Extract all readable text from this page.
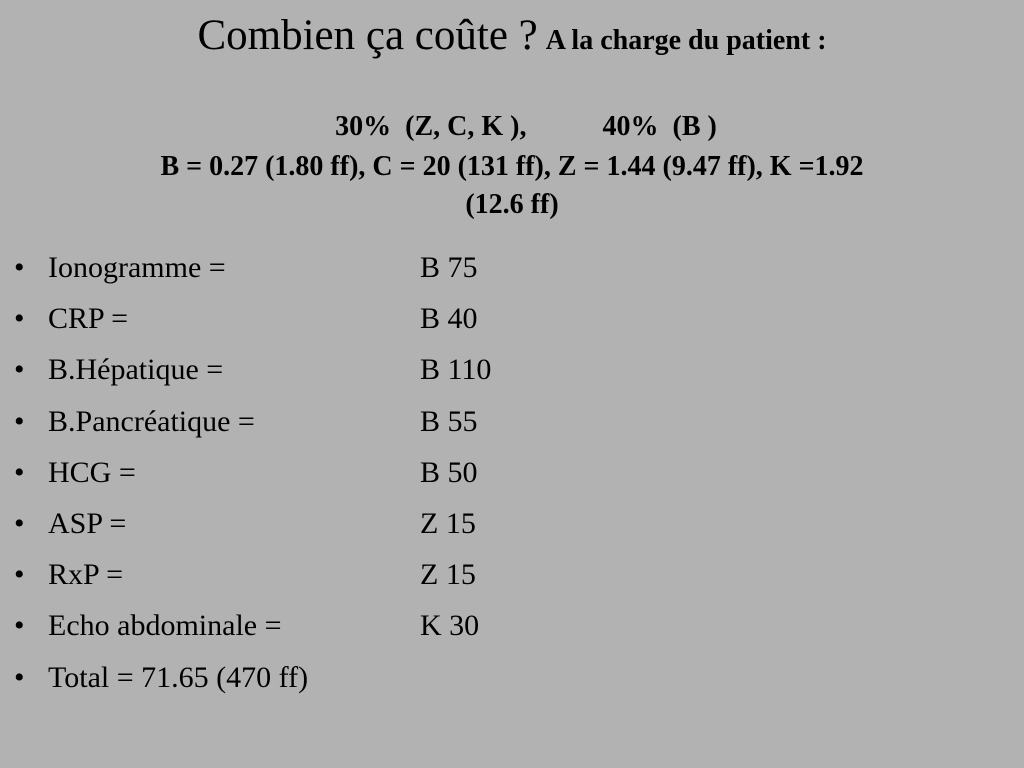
Combien ça coûte ? A la charge du patient :

30%  (Z, C, K ),	40%  (B )

B = 0.27 (1.80 ff), C = 20 (131 ff), Z = 1.44 (9.47 ff), K =1.92
(12.6 ff)
• Ionogramme =	B 75
• CRP =	B 40
• B.Hépatique =	B 110
• B.Pancréatique =	B 55
• HCG =	B 50
• ASP =	Z 15
• RxP =	Z 15
• Echo abdominale =	K 30
• Total = 71.65 (470 ff)
